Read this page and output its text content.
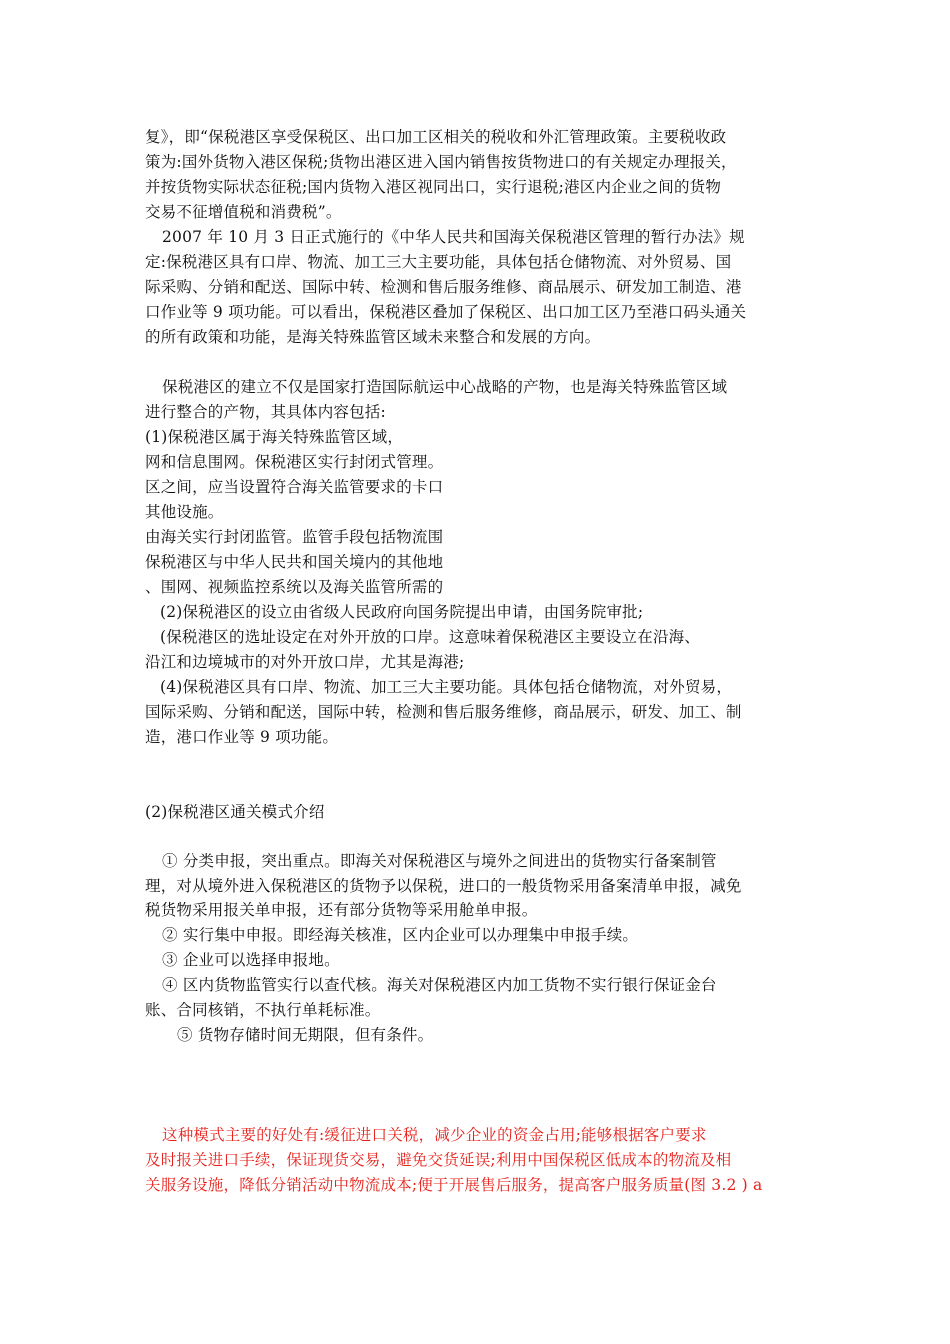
复》，即“保税港区享受保税区、出口加工区相关的税收和外汇管理政策。主要税收政
策为:国外货物入港区保税;货物出港区进入国内销售按货物进口的有关规定办理报关，
并按货物实际状态征税;国内货物入港区视同出口，实行退税;港区内企业之间的货物
交易不征增值税和消费税”。
2007 年 10 月 3 日正式施行的《中华人民共和国海关保税港区管理的暂行办法》规
定:保税港区具有口岸、物流、加工三大主要功能，具体包括仓储物流、对外贸易、国
际采购、分销和配送、国际中转、检测和售后服务维修、商品展示、研发加工制造、港
口作业等 9 项功能。可以看出，保税港区叠加了保税区、出口加工区乃至港口码头通关
的所有政策和功能，是海关特殊监管区域未来整合和发展的方向。
保税港区的建立不仅是国家打造国际航运中心战略的产物，也是海关特殊监管区域
进行整合的产物，其具体内容包括:
(1)保税港区属于海关特殊监管区域，
网和信息围网。保税港区实行封闭式管理。
区之间，应当设置符合海关监管要求的卡口
其他设施。
由海关实行封闭监管。监管手段包括物流围
保税港区与中华人民共和国关境内的其他地
、围网、视频监控系统以及海关监管所需的
(2)保税港区的设立由省级人民政府向国务院提出申请，由国务院审批;
(保税港区的选址设定在对外开放的口岸。这意味着保税港区主要设立在沿海、
沿江和边境城市的对外开放口岸，尤其是海港;
(4)保税港区具有口岸、物流、加工三大主要功能。具体包括仓储物流，对外贸易，
国际采购、分销和配送，国际中转，检测和售后服务维修，商品展示，研发、加工、制
造，港口作业等 9 项功能。
(2)保税港区通关模式介绍
① 分类申报，突出重点。即海关对保税港区与境外之间进出的货物实行备案制管
理，对从境外进入保税港区的货物予以保税，进口的一般货物采用备案清单申报，减免
税货物采用报关单申报，还有部分货物等采用舱单申报。
② 实行集中申报。即经海关核准，区内企业可以办理集中申报手续。
③ 企业可以选择申报地。
④ 区内货物监管实行以查代核。海关对保税港区内加工货物不实行银行保证金台
账、合同核销，不执行单耗标准。
⑤ 货物存储时间无期限，但有条件。
这种模式主要的好处有:缓征进口关税，减少企业的资金占用;能够根据客户要求
及时报关进口手续，保证现货交易，避免交货延误;利用中国保税区低成本的物流及相
关服务设施，降低分销活动中物流成本;便于开展售后服务，提高客户服务质量(图 3.2 ) a
